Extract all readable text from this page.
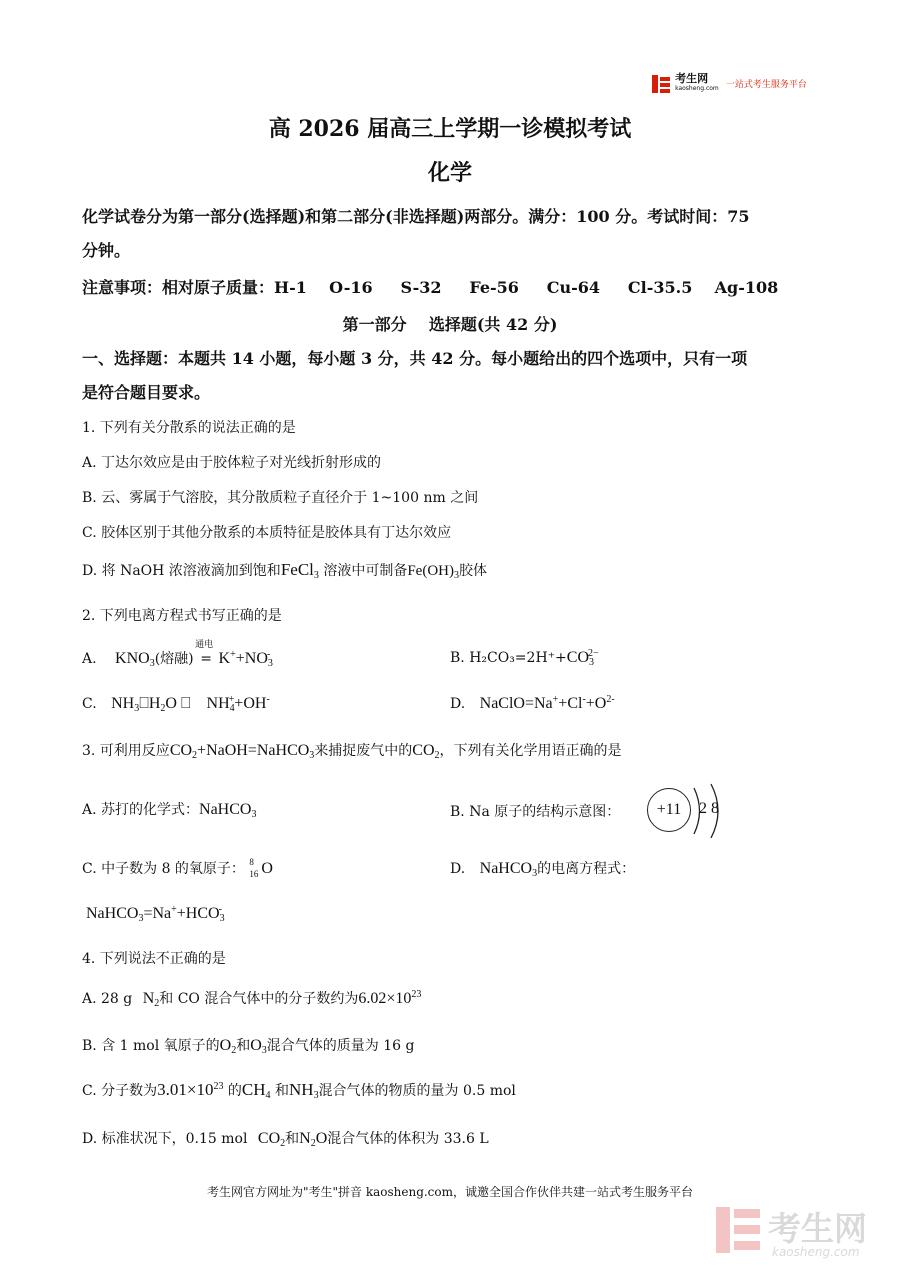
考生网
kaosheng.com 一站式考生服务平台
高 2026 届高三上学期一诊模拟考试
化学
化学试卷分为第一部分(选择题)和第二部分(非选择题)两部分。满分：100 分。考试时间：75
分钟。
注意事项：相对原子质量：H-1    O-16     S-32     Fe-56     Cu-64     Cl-35.5    Ag-108
第一部分    选择题(共 42 分)
一、选择题：本题共 14 小题，每小题 3 分，共 42 分。每小题给出的四个选项中，只有一项
是符合题目要求。
1. 下列有关分散系的说法正确的是
A. 丁达尔效应是由于胶体粒子对光线折射形成的
B. 云、雾属于气溶胶，其分散质粒子直径介于 1~100 nm 之间
C. 胶体区别于其他分散系的本质特征是胶体具有丁达尔效应
D. 将 NaOH 浓溶液滴加到饱和FeCl$_3$ 溶液中可制备$Fe(OH)_3$胶体
2. 下列电离方程式书写正确的是
A. $KNO_3$(熔融)
通电
= $K^++NO_3^-$	B. $H_2CO_3=2H^++CO_3^{2-}$
C. $NH_3⎕H_2O$ ⎕    $NH_4^++OH^-$	D. $NaClO=Na^++Cl^-+O^{2-}$
3. 可利用反应$CO_2+NaOH=NaHCO_3$来捕捉废气中的$CO_2$，下列有关化学用语正确的是
A. 苏打的化学式：NaHCO$_3$	B. Na 原子的结构示意图：	+11	2 8
C. 中子数为 8 的氧原子： 8
16 O	D. NaHCO$_3$的电离方程式：
$NaHCO_3=Na^++HCO_3^-$
4. 下列说法不正确的是
A. 28 g $N_2$和 CO 混合气体中的分子数约为$6.02\times 10^{23}$
B. 含 1 mol 氧原子的$O_2$和$O_3$混合气体的质量为 16 g
C. 分子数为$3.01\times 10^{23}$ 的$CH_4$ 和$NH_3$混合气体的物质的量为 0.5 mol
D. 标准状况下，0.15 mol $CO_2$和$N_2O$混合气体的体积为 33.6 L
考生网官方网址为"考生"拼音 kaosheng.com，诚邀全国合作伙伴共建一站式考生服务平台
考生网
kaosheng.com
